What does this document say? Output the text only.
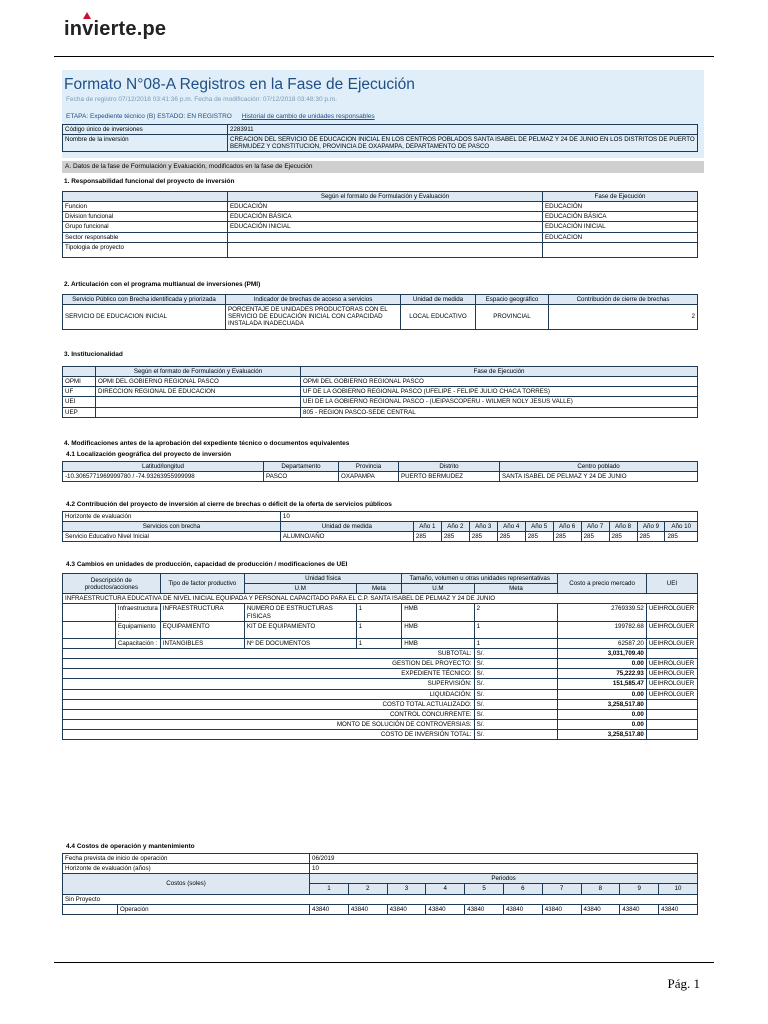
invierte.pe
Formato N°08-A Registros en la Fase de Ejecución
Fecha de registro 07/12/2018 03:41:36 p.m. Fecha de modificación: 07/12/2018 03:48:30 p.m.
ETAPA: Expediente técnico (B) ESTADO: EN REGISTRO Historial de cambio de unidades responsables
Código único de inversiones	2283911
Nombre de la inversión	CREACION DEL SERVICIO DE EDUCACION INICIAL EN LOS CENTROS POBLADOS SANTA ISABEL DE PELMAZ Y 24 DE JUNIO EN LOS DISTRITOS DE PUERTO BERMUDEZ Y CONSTITUCION, PROVINCIA DE OXAPAMPA, DEPARTAMENTO DE PASCO
A. Datos de la fase de Formulación y Evaluación, modificados en la fase de Ejecución
1. Responsabilidad funcional del proyecto de inversión
	Según el formato de Formulación y Evaluación	Fase de Ejecución
Funcion	EDUCACIÓN	EDUCACIÓN
Division funcional	EDUCACIÓN BÁSICA	EDUCACIÓN BÁSICA
Grupo funcional	EDUCACIÓN INICIAL	EDUCACIÓN INICIAL
Sector responsable		EDUCACION
Tipologia de proyecto		
2. Articulación con el programa multianual de inversiones (PMI)
Servicio Público con Brecha identificada y priorizada	Indicador de brechas de acceso a servicios	Unidad de medida	Espacio geográfico	Contribución de cierre de brechas
SERVICIO DE EDUCACION INICIAL	PORCENTAJE DE UNIDADES PRODUCTORAS CON EL SERVICIO DE EDUCACIÓN INICIAL CON CAPACIDAD INSTALADA INADECUADA	LOCAL EDUCATIVO	PROVINCIAL	2
3. Institucionalidad
	Según el formato de Formulación y Evaluación	Fase de Ejecución
OPMI	OPMI DEL GOBIERNO REGIONAL PASCO	OPMI DEL GOBIERNO REGIONAL PASCO
UF	DIRECCION REGIONAL DE EDUCACION	UF DE LA GOBIERNO REGIONAL PASCO (UFELIPE - FELIPE JULIO CHACA TORRES)
UEI		UEI DE LA GOBIERNO REGIONAL PASCO - (UEIPASCOPERU - WILMER NOLY JESUS VALLE)
UEP		805 - REGION PASCO-SEDE CENTRAL
4. Modificaciones antes de la aprobación del expediente técnico o documentos equivalentes
4.1 Localización geográfica del proyecto de inversión
Latitud/longitud	Departamento	Provincia	Distrito	Centro poblado
-10.3065771969999780 / -74.93263955999998	PASCO	OXAPAMPA	PUERTO BERMUDEZ	SANTA ISABEL DE PELMAZ Y 24 DE JUNIO
4.2 Contribución del proyecto de inversión al cierre de brechas o déficit de la oferta de servicios públicos
Horizonte de evaluación	10										
Servicios con brecha	Unidad de medida	Año 1	Año 2	Año 3	Año 4	Año 5	Año 6	Año 7	Año 8	Año 9	Año 10
Servicio Educativo Nivel Inicial	ALUMNO/AÑO	285	285	285	285	285	285	285	285	285	285
4.3 Cambios en unidades de producción, capacidad de producción / modificaciones de UEI
Descripción de productos/acciones		Tipo de factor productivo	Unidad física		Tamaño, volumen u otras unidades representativas		Costo a precio mercado	UEI
			U.M	Meta	U.M	Meta		
INFRAESTRUCTURA EDUCATIVA DE NIVEL INICIAL EQUIPADA Y PERSONAL CAPACITADO PARA EL C.P. SANTA ISABEL DE PELMAZ Y 24 DE JUNIO								
	Infraestructura :	INFRAESTRUCTURA	NUMERO DE ESTRUCTURAS FISICAS	1	HMB	2	2769339.52	UEIHROLGUER
	Equipamiento :	EQUIPAMIENTO	KIT DE EQUIPAMIENTO	1	HMB	1	199782.68	UEIHROLGUER
	Capacitación :	INTANGIBLES	Nº DE DOCUMENTOS	1	HMB	1	62587.20	UEIHROLGUER
SUBTOTAL:						S/.	3,031,709.40	
GESTION DEL PROYECTO:						S/.	0.00	UEIHROLGUER
EXPEDIENTE TÉCNICO:						S/.	75,222.93	UEIHROLGUER
SUPERVISIÓN:						S/.	151,585.47	UEIHROLGUER
LIQUIDACIÓN:						S/.	0.00	UEIHROLGUER
COSTO TOTAL ACTUALIZADO:						S/.	3,258,517.80	
CONTROL CONCURRENTE:						S/.	0.00	
MONTO DE SOLUCIÓN DE CONTROVERSIAS:						S/.	0.00	
COSTO DE INVERSIÓN TOTAL:						S/.	3,258,517.80	
4.4 Costos de operación y mantenimiento
Fecha prevista de inicio de operación		06/2019									
Horizonte de evaluación (años)		10									
Costos (soles)		Periodos									
		1	2	3	4	5	6	7	8	9	10
Sin Proyecto											
	Operación	43840	43840	43840	43840	43840	43840	43840	43840	43840	43840
Pág. 1
